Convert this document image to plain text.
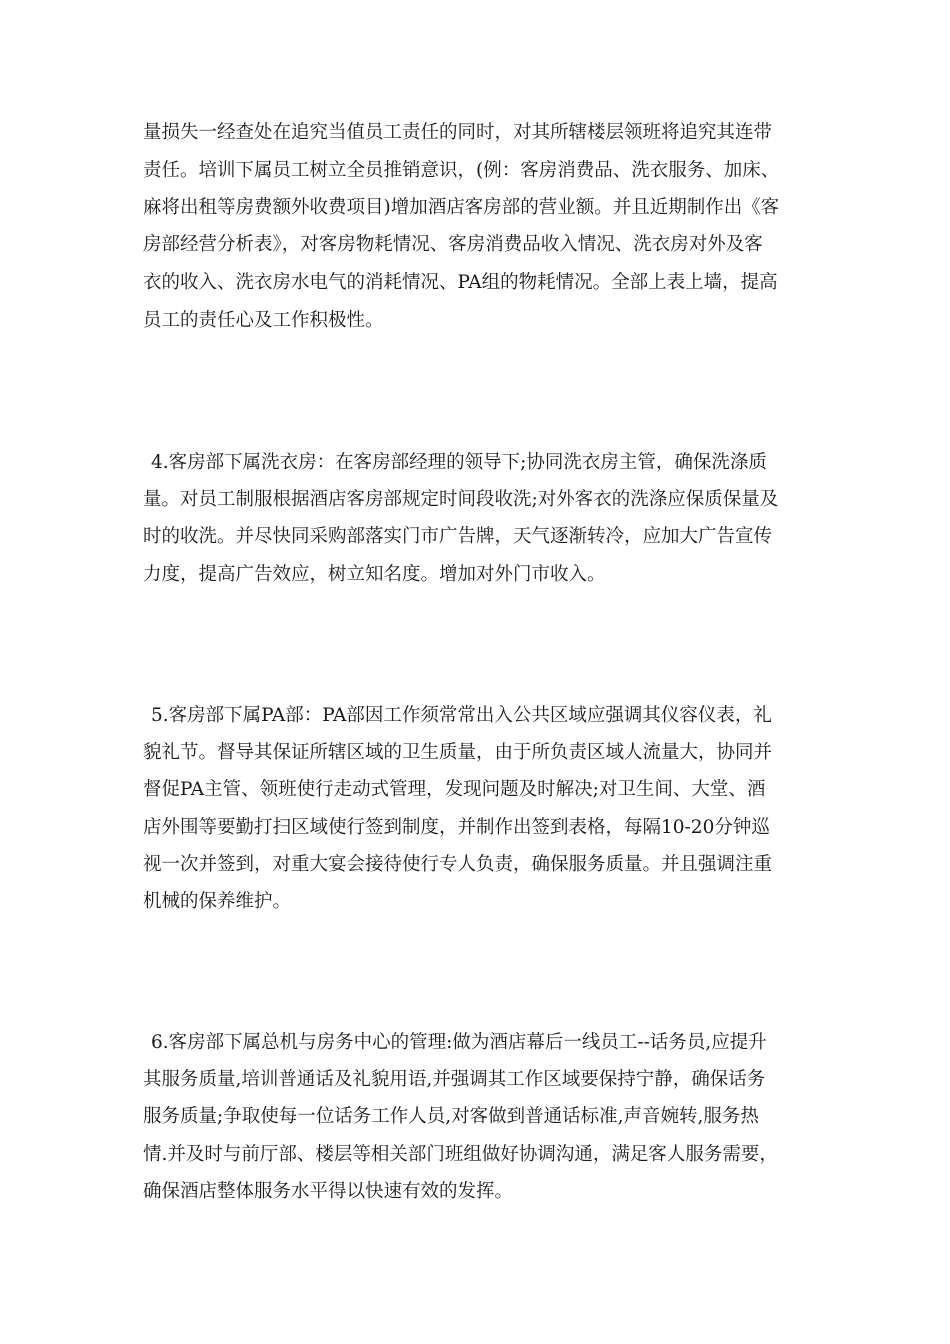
量损失一经查处在追究当值员工责任的同时，对其所辖楼层领班将追究其连带

责任。培训下属员工树立全员推销意识，(例：客房消费品、洗衣服务、加床、

麻将出租等房费额外收费项目)增加酒店客房部的营业额。并且近期制作出《客

房部经营分析表》，对客房物耗情况、客房消费品收入情况、洗衣房对外及客

衣的收入、洗衣房水电气的消耗情况、PA组的物耗情况。全部上表上墙，提高

员工的责任心及工作积极性。

4.客房部下属洗衣房：在客房部经理的领导下;协同洗衣房主管，确保洗涤质

量。对员工制服根据酒店客房部规定时间段收洗;对外客衣的洗涤应保质保量及

时的收洗。并尽快同采购部落实门市广告牌，天气逐渐转冷，应加大广告宣传

力度，提高广告效应，树立知名度。增加对外门市收入。

5.客房部下属PA部：PA部因工作须常常出入公共区域应强调其仪容仪表，礼

貌礼节。督导其保证所辖区域的卫生质量，由于所负责区域人流量大，协同并

督促PA主管、领班使行走动式管理，发现问题及时解决;对卫生间、大堂、酒

店外围等要勤打扫区域使行签到制度，并制作出签到表格，每隔10-20分钟巡

视一次并签到，对重大宴会接待使行专人负责，确保服务质量。并且强调注重

机械的保养维护。

6.客房部下属总机与房务中心的管理:做为酒店幕后一线员工--话务员,应提升

其服务质量,培训普通话及礼貌用语,并强调其工作区域要保持宁静，确保话务

服务质量;争取使每一位话务工作人员,对客做到普通话标准,声音婉转,服务热

情.并及时与前厅部、楼层等相关部门班组做好协调沟通，满足客人服务需要，

确保酒店整体服务水平得以快速有效的发挥。
